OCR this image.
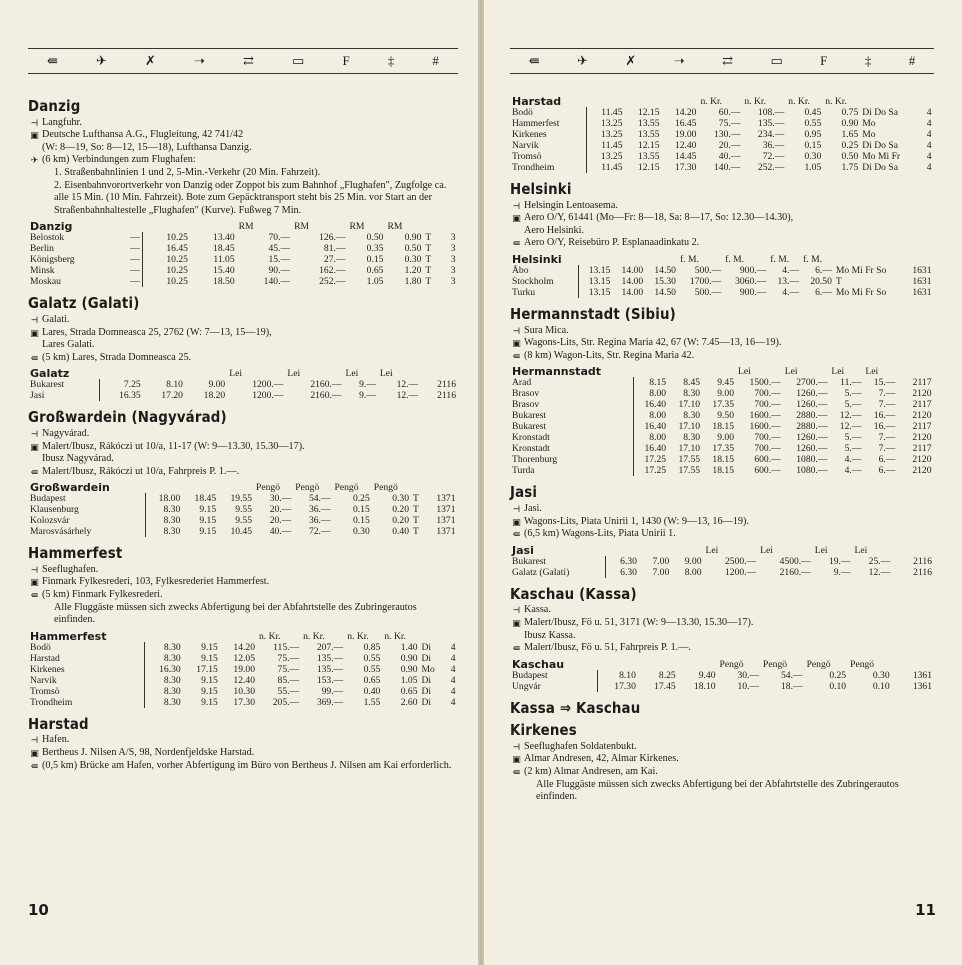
⇚	✈	✗	➝	⇄	▭	F	‡	#
Danzig
⊣ Langfuhr.
▣ Deutsche Lufthansa A.G., Flugleitung, 42 741/42
(W: 8—19, So: 8—12, 15—18), Lufthansa Danzig.
✈ (6 km) Verbindungen zum Flughafen:
1. Straßenbahnlinien 1 und 2, 5-Min.-Verkehr (20 Min. Fahrzeit).
2. Eisenbahnvorortverkehr von Danzig oder Zoppot bis zum Bahnhof „Flughafen", Zugfolge ca. alle 15 Min. (10 Min. Fahrzeit). Bote zum Gepäcktransport steht bis 25 Min. vor Start an der Straßenbahnhaltestelle „Flughafen" (Kurve). Fußweg 7 Min.
Danzig				RM	RM	RM	RM		
Belostok	—	10.25	13.40	70.—	126.—	0.50	0.90	T	3
Berlin	—	16.45	18.45	45.—	81.—	0.35	0.50	T	3
Königsberg	—	10.25	11.05	15.—	27.—	0.15	0.30	T	3
Minsk	—	10.25	15.40	90.—	162.—	0.65	1.20	T	3
Moskau	—	10.25	18.50	140.—	252.—	1.05	1.80	T	3
Galatz (Galati)
⊣ Galati.
▣ Lares, Strada Domneasca 25, 2762 (W: 7—13, 15—19),
Lares Galati.
⇚ (5 km) Lares, Strada Domneasca 25.
Galatz				Lei	Lei	Lei	Lei	
Bukarest	7.25	8.10	9.00	1200.—	2160.—	9.—	12.—	2116
Jasi	16.35	17.20	18.20	1200.—	2160.—	9.—	12.—	2116
Großwardein (Nagyvárad)
⊣ Nagyvárad.
▣ Malert/Ibusz, Rákóczi ut 10/a, 11-17 (W: 9—13.30, 15.30—17).
Ibusz Nagyvárad.
⇚ Malert/Ibusz, Rákóczi ut 10/a, Fahrpreis P. 1.—.
Großwardein				Pengö	Pengö	Pengö	Pengö		
Budapest	18.00	18.45	19.55	30.—	54.—	0.25	0.30	T	1371
Klausenburg	8.30	9.15	9.55	20.—	36.—	0.15	0.20	T	1371
Kolozsvár	8.30	9.15	9.55	20.—	36.—	0.15	0.20	T	1371
Marosvásárhely	8.30	9.15	10.45	40.—	72.—	0.30	0.40	T	1371
Hammerfest
⊣ Seeflughafen.
▣ Finmark Fylkesrederi, 103, Fylkesrederiet Hammerfest.
⇚ (5 km) Finmark Fylkesrederi.
Alle Fluggäste müssen sich zwecks Abfertigung bei der Abfahrtstelle des Zubringerautos einfinden.
Hammerfest				n. Kr.	n. Kr.	n. Kr.	n. Kr.		
Bodö	8.30	9.15	14.20	115.—	207.—	0.85	1.40	Di	4
Harstad	8.30	9.15	12.05	75.—	135.—	0.55	0.90	Di	4
Kirkenes	16.30	17.15	19.00	75.—	135.—	0.55	0.90	Mo	4
Narvik	8.30	9.15	12.40	85.—	153.—	0.65	1.05	Di	4
Tromsö	8.30	9.15	10.30	55.—	99.—	0.40	0.65	Di	4
Trondheim	8.30	9.15	17.30	205.—	369.—	1.55	2.60	Di	4
Harstad
⊣ Hafen.
▣ Bertheus J. Nilsen A/S, 98, Nordenfjeldske Harstad.
⇚ (0,5 km) Brücke am Hafen, vorher Abfertigung im Büro von Bertheus J. Nilsen am Kai erforderlich.
10
⇚	✈	✗	➝	⇄	▭	F	‡	#
Harstad				n. Kr.	n. Kr.	n. Kr.	n. Kr.		
Bodö	11.45	12.15	14.20	60.—	108.—	0.45	0.75	Di Do Sa	4
Hammerfest	13.25	13.55	16.45	75.—	135.—	0.55	0.90	Mo	4
Kirkenes	13.25	13.55	19.00	130.—	234.—	0.95	1.65	Mo	4
Narvik	11.45	12.15	12.40	20.—	36.—	0.15	0.25	Di Do Sa	4
Tromsö	13.25	13.55	14.45	40.—	72.—	0.30	0.50	Mo Mi Fr	4
Trondheim	11.45	12.15	17.30	140.—	252.—	1.05	1.75	Di Do Sa	4
Helsinki
⊣ Helsingin Lentoasema.
▣ Aero O/Y, 61441 (Mo—Fr: 8—18, Sa: 8—17, So: 12.30—14.30),
Aero Helsinki.
⇚ Aero O/Y, Reisebüro P. Esplanaadinkatu 2.
Helsinki				f. M.	f. M.	f. M.	f. M.		
Åbo	13.15	14.00	14.50	500.—	900.—	4.—	6.—	Mo Mi Fr So	1631
Stockholm	13.15	14.00	15.30	1700.—	3060.—	13.—	20.50	T	1631
Turku	13.15	14.00	14.50	500.—	900.—	4.—	6.—	Mo Mi Fr So	1631
Hermannstadt (Sibiu)
⊣ Sura Mica.
▣ Wagons-Lits, Str. Regina Maria 42, 67 (W: 7.45—13, 16—19).
⇚ (8 km) Wagon-Lits, Str. Regina Maria 42.
Hermannstadt				Lei	Lei	Lei	Lei		
Arad	8.15	8.45	9.45	1500.—	2700.—	11.—	15.—		2117
Brasov	8.00	8.30	9.00	700.—	1260.—	5.—	7.—		2120
Brasov	16.40	17.10	17.35	700.—	1260.—	5.—	7.—		2117
Bukarest	8.00	8.30	9.50	1600.—	2880.—	12.—	16.—		2120
Bukarest	16.40	17.10	18.15	1600.—	2880.—	12.—	16.—		2117
Kronstadt	8.00	8.30	9.00	700.—	1260.—	5.—	7.—		2120
Kronstadt	16.40	17.10	17.35	700.—	1260.—	5.—	7.—		2117
Thorenburg	17.25	17.55	18.15	600.—	1080.—	4.—	6.—		2120
Turda	17.25	17.55	18.15	600.—	1080.—	4.—	6.—		2120
Jasi
⊣ Jasi.
▣ Wagons-Lits, Piata Unirii 1, 1430 (W: 9—13, 16—19).
⇚ (6,5 km) Wagons-Lits, Piata Unirii 1.
Jasi				Lei	Lei	Lei	Lei		
Bukarest	6.30	7.00	9.00	2500.—	4500.—	19.—	25.—		2116
Galatz (Galati)	6.30	7.00	8.00	1200.—	2160.—	9.—	12.—		2116
Kaschau (Kassa)
⊣ Kassa.
▣ Malert/Ibusz, Fö u. 51, 3171 (W: 9—13.30, 15.30—17).
Ibusz Kassa.
⇚ Malert/Ibusz, Fö u. 51, Fahrpreis P. 1.—.
Kaschau				Pengö	Pengö	Pengö	Pengö		
Budapest	8.10	8.25	9.40	30.—	54.—	0.25	0.30		1361
Ungvár	17.30	17.45	18.10	10.—	18.—	0.10	0.10		1361
Kassa ⇒ Kaschau
Kirkenes
⊣ Seeflughafen Soldatenbukt.
▣ Almar Andresen, 42, Almar Kirkenes.
⇚ (2 km) Almar Andresen, am Kai.
Alle Fluggäste müssen sich zwecks Abfertigung bei der Abfahrtstelle des Zubringerautos einfinden.
11
